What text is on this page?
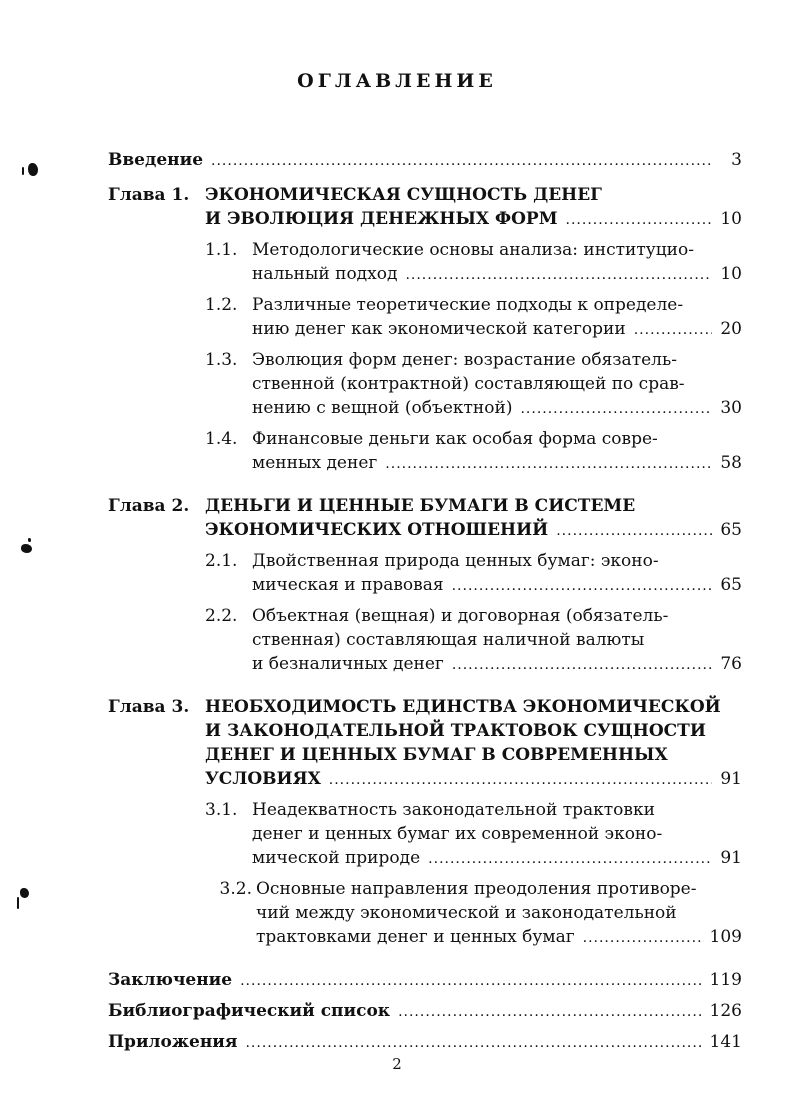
ОГЛАВЛЕНИЕ
Введение .....	3
Глава 1. ЭКОНОМИЧЕСКАЯ СУЩНОСТЬ ДЕНЕГ
И ЭВОЛЮЦИЯ ДЕНЕЖНЫХ ФОРМ .....	10
1.1. Методологические основы анализа: институцио-
нальный подход .....	10
1.2. Различные теоретические подходы к определе-
нию денег как экономической категории .....	20
1.3. Эволюция форм денег: возрастание обязатель-
ственной (контрактной) составляющей по срав-
нению с вещной (объектной) .....	30
1.4. Финансовые деньги как особая форма совре-
менных денег .....	58
Глава 2. ДЕНЬГИ И ЦЕННЫЕ БУМАГИ В СИСТЕМЕ
ЭКОНОМИЧЕСКИХ ОТНОШЕНИЙ .....	65
2.1. Двойственная природа ценных бумаг: эконо-
мическая и правовая .....	65
2.2. Объектная (вещная) и договорная (обязатель-
ственная) составляющая наличной валюты
и безналичных денег .....	76
Глава 3. НЕОБХОДИМОСТЬ ЕДИНСТВА ЭКОНОМИЧЕСКОЙ
И ЗАКОНОДАТЕЛЬНОЙ ТРАКТОВОК СУЩНОСТИ
ДЕНЕГ И ЦЕННЫХ БУМАГ В СОВРЕМЕННЫХ
УСЛОВИЯХ .....	91
3.1. Неадекватность законодательной трактовки
денег и ценных бумаг их современной эконо-
мической природе .....	91
3.2. Основные направления преодоления противоре-
чий между экономической и законодательной
трактовками денег и ценных бумаг .....	109
Заключение .....	119
Библиографический список .....	126
Приложения .....	141
2
